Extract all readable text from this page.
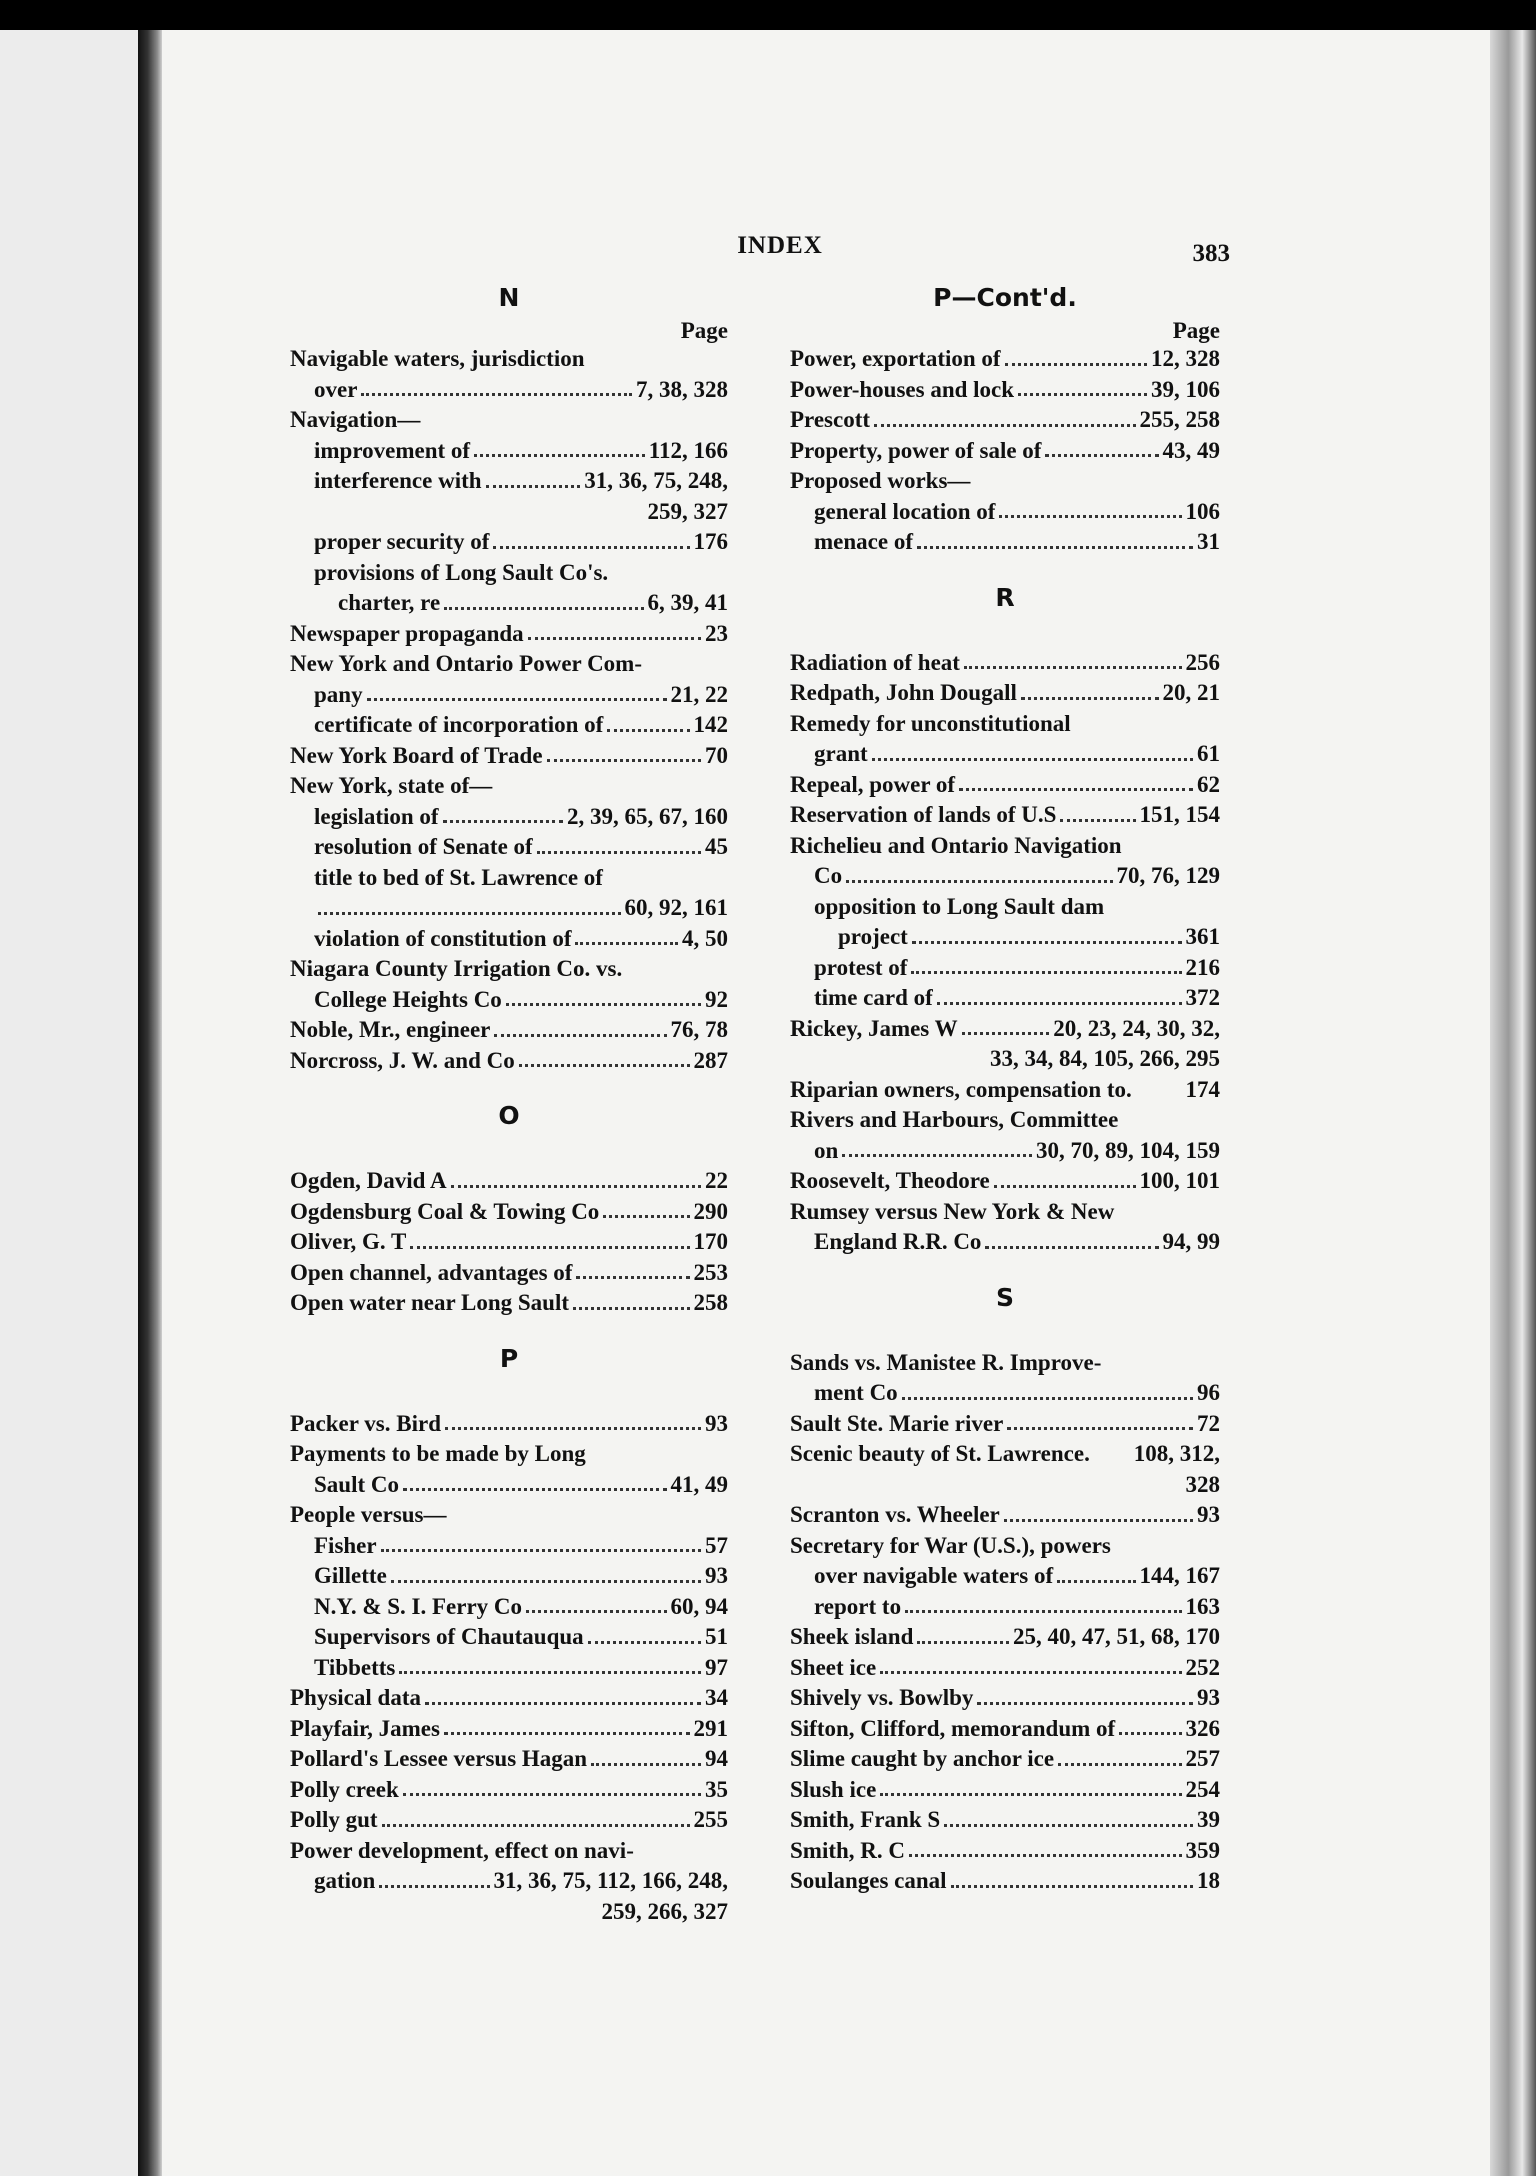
INDEX	383
N
Page
Navigable waters, jurisdiction
over	7, 38, 328
Navigation—
improvement of	112, 166
interference with	31, 36, 75, 248,
259, 327
proper security of	176
provisions of Long Sault Co's.
charter, re	6, 39, 41
Newspaper propaganda	23
New York and Ontario Power Com-
pany	21, 22
certificate of incorporation of	142
New York Board of Trade	70
New York, state of—
legislation of	2, 39, 65, 67, 160
resolution of Senate of	45
title to bed of St. Lawrence of
60, 92, 161
violation of constitution of	4, 50
Niagara County Irrigation Co. vs.
College Heights Co	92
Noble, Mr., engineer	76, 78
Norcross, J. W. and Co	287
O
Ogden, David A	22
Ogdensburg Coal & Towing Co	290
Oliver, G. T	170
Open channel, advantages of	253
Open water near Long Sault	258
P
Packer vs. Bird	93
Payments to be made by Long
Sault Co	41, 49
People versus—
Fisher	57
Gillette	93
N.Y. & S. I. Ferry Co	60, 94
Supervisors of Chautauqua	51
Tibbetts	97
Physical data	34
Playfair, James	291
Pollard's Lessee versus Hagan	94
Polly creek	35
Polly gut	255
Power development, effect on navi-
gation	31, 36, 75, 112, 166, 248,
259, 266, 327
P—Cont'd.
Page
Power, exportation of	12, 328
Power-houses and lock	39, 106
Prescott	255, 258
Property, power of sale of	43, 49
Proposed works—
general location of	106
menace of	31
R
Radiation of heat	256
Redpath, John Dougall	20, 21
Remedy for unconstitutional
grant	61
Repeal, power of	62
Reservation of lands of U.S	151, 154
Richelieu and Ontario Navigation
Co	70, 76, 129
opposition to Long Sault dam
project	361
protest of	216
time card of	372
Rickey, James W	20, 23, 24, 30, 32,
33, 34, 84, 105, 266, 295
Riparian owners, compensation to. 174
Rivers and Harbours, Committee
on	30, 70, 89, 104, 159
Roosevelt, Theodore	100, 101
Rumsey versus New York & New
England R.R. Co	94, 99
S
Sands vs. Manistee R. Improve-
ment Co	96
Sault Ste. Marie river	72
Scenic beauty of St. Lawrence. 108, 312,
328
Scranton vs. Wheeler	93
Secretary for War (U.S.), powers
over navigable waters of	144, 167
report to	163
Sheek island	25, 40, 47, 51, 68, 170
Sheet ice	252
Shively vs. Bowlby	93
Sifton, Clifford, memorandum of	326
Slime caught by anchor ice	257
Slush ice	254
Smith, Frank S	39
Smith, R. C	359
Soulanges canal	18
